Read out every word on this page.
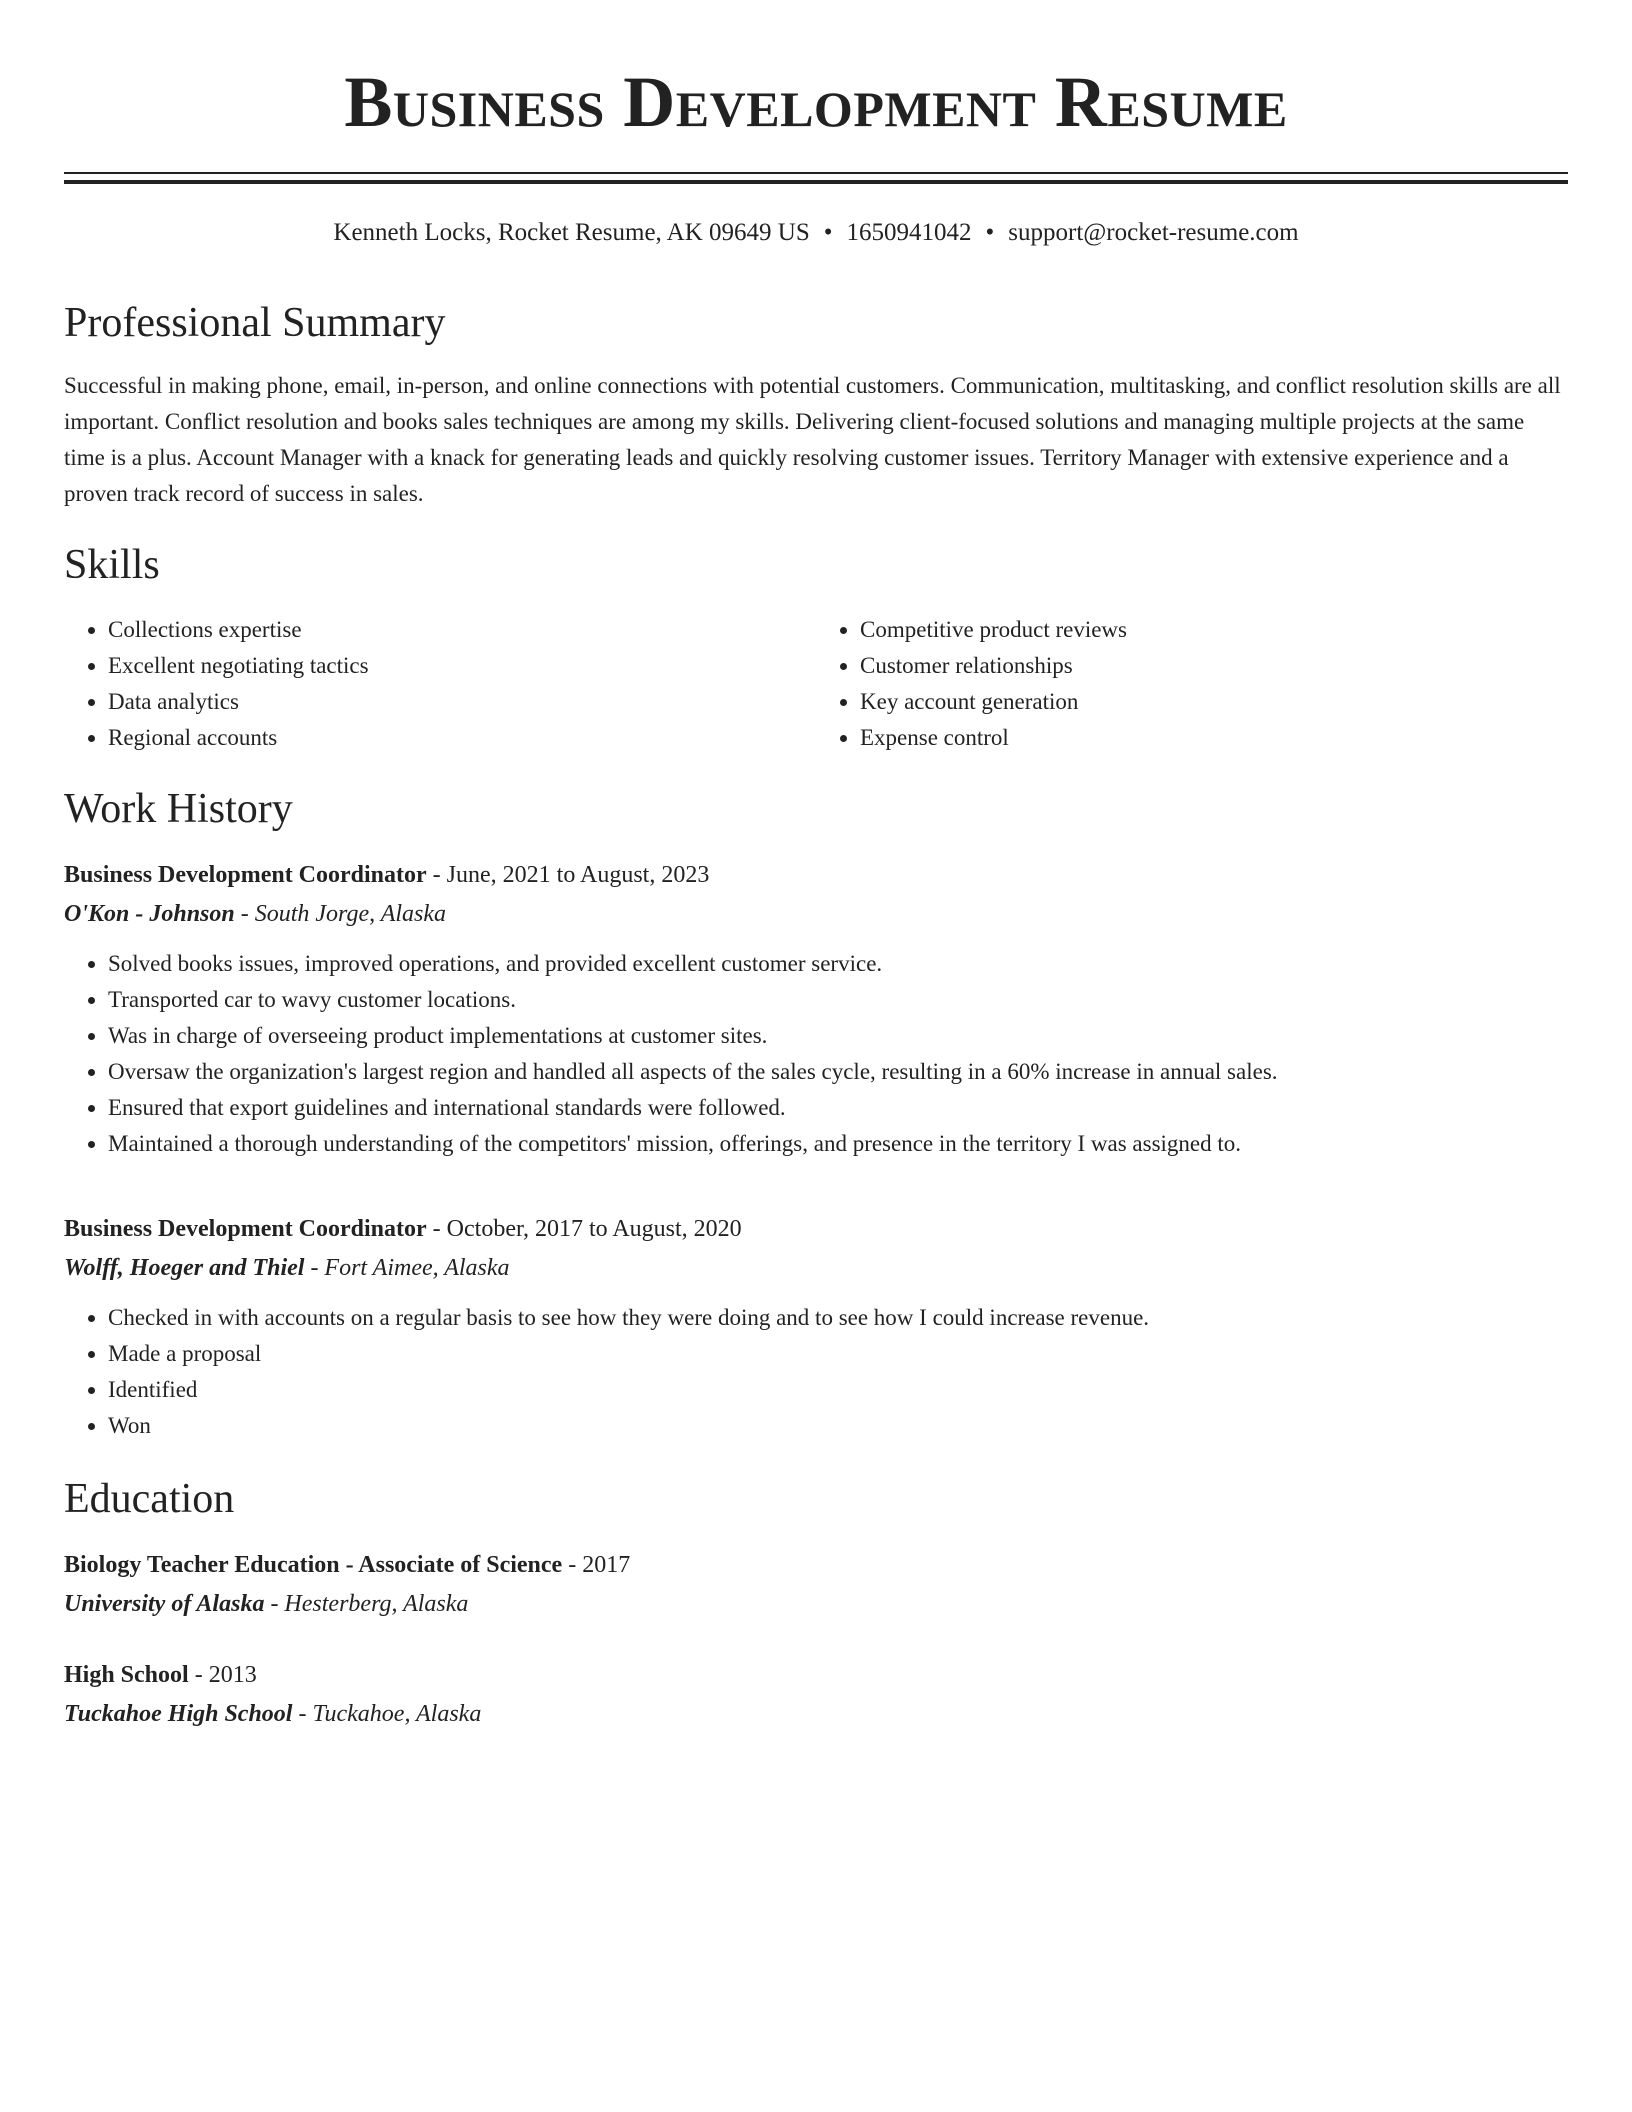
Business Development Resume
Kenneth Locks, Rocket Resume, AK 09649 US • 1650941042 • support@rocket-resume.com
Professional Summary

Successful in making phone, email, in-person, and online connections with potential customers. Communication, multitasking, and conflict resolution skills are all important. Conflict resolution and books sales techniques are among my skills. Delivering client-focused solutions and managing multiple projects at the same time is a plus. Account Manager with a knack for generating leads and quickly resolving customer issues. Territory Manager with extensive experience and a proven track record of success in sales.

Skills
• Collections expertise
• Excellent negotiating tactics
• Data analytics
• Regional accounts
• Competitive product reviews
• Customer relationships
• Key account generation
• Expense control
Work History
Business Development Coordinator - June, 2021 to August, 2023
O'Kon - Johnson - South Jorge, Alaska
• Solved books issues, improved operations, and provided excellent customer service.
• Transported car to wavy customer locations.
• Was in charge of overseeing product implementations at customer sites.
• Oversaw the organization's largest region and handled all aspects of the sales cycle, resulting in a 60% increase in annual sales.
• Ensured that export guidelines and international standards were followed.
• Maintained a thorough understanding of the competitors' mission, offerings, and presence in the territory I was assigned to.
Business Development Coordinator - October, 2017 to August, 2020
Wolff, Hoeger and Thiel - Fort Aimee, Alaska
• Checked in with accounts on a regular basis to see how they were doing and to see how I could increase revenue.
• Made a proposal
• Identified
• Won
Education
Biology Teacher Education - Associate of Science - 2017
University of Alaska - Hesterberg, Alaska
High School - 2013
Tuckahoe High School - Tuckahoe, Alaska
